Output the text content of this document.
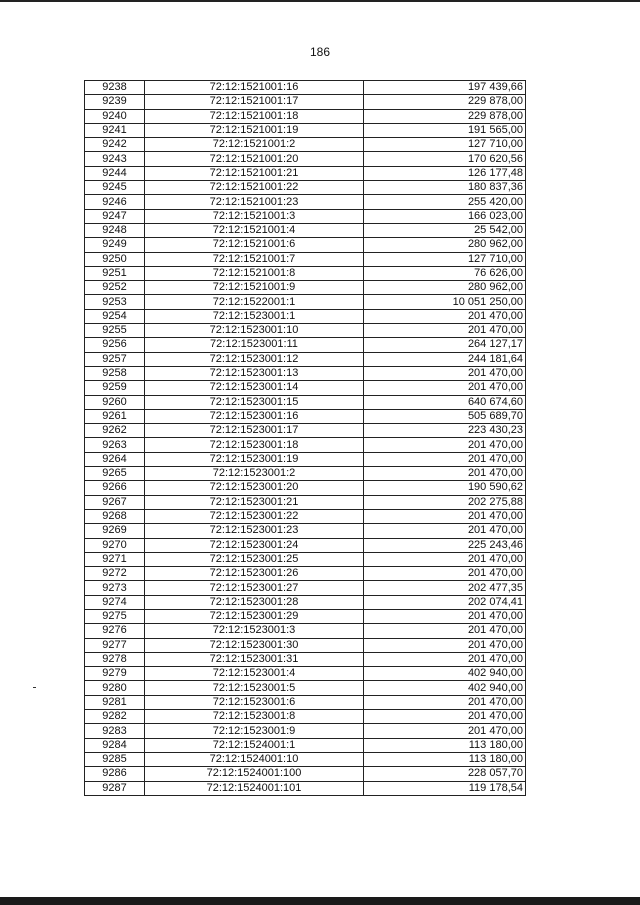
186
9238	72:12:1521001:16	197 439,66
9239	72:12:1521001:17	229 878,00
9240	72:12:1521001:18	229 878,00
9241	72:12:1521001:19	191 565,00
9242	72:12:1521001:2	127 710,00
9243	72:12:1521001:20	170 620,56
9244	72:12:1521001:21	126 177,48
9245	72:12:1521001:22	180 837,36
9246	72:12:1521001:23	255 420,00
9247	72:12:1521001:3	166 023,00
9248	72:12:1521001:4	25 542,00
9249	72:12:1521001:6	280 962,00
9250	72:12:1521001:7	127 710,00
9251	72:12:1521001:8	76 626,00
9252	72:12:1521001:9	280 962,00
9253	72:12:1522001:1	10 051 250,00
9254	72:12:1523001:1	201 470,00
9255	72:12:1523001:10	201 470,00
9256	72:12:1523001:11	264 127,17
9257	72:12:1523001:12	244 181,64
9258	72:12:1523001:13	201 470,00
9259	72:12:1523001:14	201 470,00
9260	72:12:1523001:15	640 674,60
9261	72:12:1523001:16	505 689,70
9262	72:12:1523001:17	223 430,23
9263	72:12:1523001:18	201 470,00
9264	72:12:1523001:19	201 470,00
9265	72:12:1523001:2	201 470,00
9266	72:12:1523001:20	190 590,62
9267	72:12:1523001:21	202 275,88
9268	72:12:1523001:22	201 470,00
9269	72:12:1523001:23	201 470,00
9270	72:12:1523001:24	225 243,46
9271	72:12:1523001:25	201 470,00
9272	72:12:1523001:26	201 470,00
9273	72:12:1523001:27	202 477,35
9274	72:12:1523001:28	202 074,41
9275	72:12:1523001:29	201 470,00
9276	72:12:1523001:3	201 470,00
9277	72:12:1523001:30	201 470,00
9278	72:12:1523001:31	201 470,00
9279	72:12:1523001:4	402 940,00
9280	72:12:1523001:5	402 940,00
9281	72:12:1523001:6	201 470,00
9282	72:12:1523001:8	201 470,00
9283	72:12:1523001:9	201 470,00
9284	72:12:1524001:1	113 180,00
9285	72:12:1524001:10	113 180,00
9286	72:12:1524001:100	228 057,70
9287	72:12:1524001:101	119 178,54
